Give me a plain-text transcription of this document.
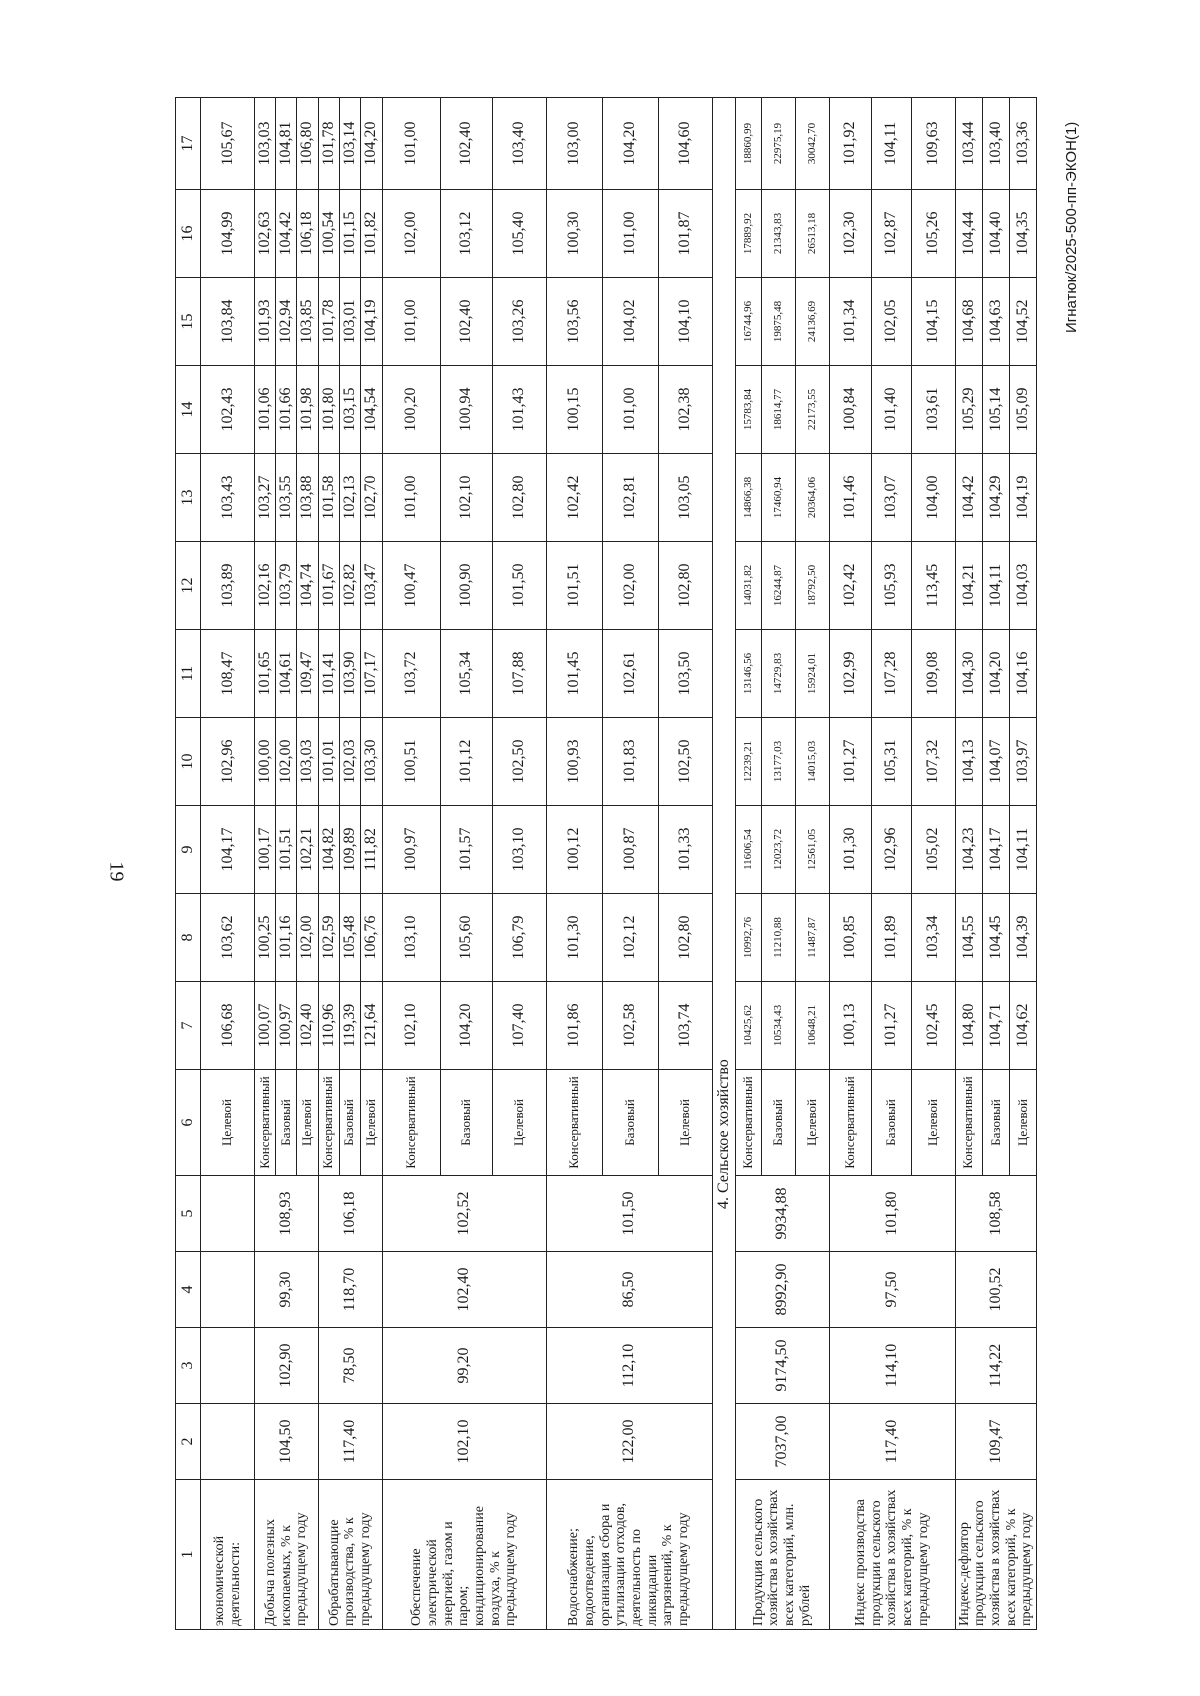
19
Игнатюк/2025-500-пп-ЭКОН(1)
1	2	3	4	5	6	7	8	9	10	11	12	13	14	15	16	17
экономической деятельности:					Целевой	106,68	103,62	104,17	102,96	108,47	103,89	103,43	102,43	103,84	104,99	105,67
Добыча полезных ископаемых, % к предыдущему году	104,50	102,90	99,30	108,93	Консервативный	100,07	100,25	100,17	100,00	101,65	102,16	103,27	101,06	101,93	102,63	103,03
					Базовый	100,97	101,16	101,51	102,00	104,61	103,79	103,55	101,66	102,94	104,42	104,81
					Целевой	102,40	102,00	102,21	103,03	109,47	104,74	103,88	101,98	103,85	106,18	106,80
Обрабатывающие производства, % к предыдущему году	117,40	78,50	118,70	106,18	Консервативный	110,96	102,59	104,82	101,01	101,41	101,67	101,58	101,80	101,78	100,54	101,78
					Базовый	119,39	105,48	109,89	102,03	103,90	102,82	102,13	103,15	103,01	101,15	103,14
					Целевой	121,64	106,76	111,82	103,30	107,17	103,47	102,70	104,54	104,19	101,82	104,20
Обеспечение электрической энергией, газом и паром; кондиционирование воздуха, % к предыдущему году	102,10	99,20	102,40	102,52	Консервативный	102,10	103,10	100,97	100,51	103,72	100,47	101,00	100,20	101,00	102,00	101,00
					Базовый	104,20	105,60	101,57	101,12	105,34	100,90	102,10	100,94	102,40	103,12	102,40
					Целевой	107,40	106,79	103,10	102,50	107,88	101,50	102,80	101,43	103,26	105,40	103,40
Водоснабжение; водоотведение, организация сбора и утилизации отходов, деятельность по ликвидации загрязнений, % к предыдущему году	122,00	112,10	86,50	101,50	Консервативный	101,86	101,30	100,12	100,93	101,45	101,51	102,42	100,15	103,56	100,30	103,00
					Базовый	102,58	102,12	100,87	101,83	102,61	102,00	102,81	101,00	104,02	101,00	104,20
					Целевой	103,74	102,80	101,33	102,50	103,50	102,80	103,05	102,38	104,10	101,87	104,60
4. Сельское хозяйство																
Продукция сельского хозяйства в хозяйствах всех категорий, млн. рублей	7037,00	9174,50	8992,90	9934,88	Консервативный	10425,62	10992,76	11606,54	12239,21	13146,56	14031,82	14866,38	15783,84	16744,96	17889,92	18860,99
					Базовый	10534,43	11210,88	12023,72	13177,03	14729,83	16244,87	17460,94	18614,77	19875,48	21343,83	22975,19
					Целевой	10648,21	11487,87	12561,05	14015,03	15924,01	18792,50	20364,06	22173,55	24136,69	26513,18	30042,70
Индекс производства продукции сельского хозяйства в хозяйствах всех категорий, % к предыдущему году	117,40	114,10	97,50	101,80	Консервативный	100,13	100,85	101,30	101,27	102,99	102,42	101,46	100,84	101,34	102,30	101,92
					Базовый	101,27	101,89	102,96	105,31	107,28	105,93	103,07	101,40	102,05	102,87	104,11
					Целевой	102,45	103,34	105,02	107,32	109,08	113,45	104,00	103,61	104,15	105,26	109,63
Индекс-дефлятор продукции сельского хозяйства в хозяйствах всех категорий, % к предыдущему году	109,47	114,22	100,52	108,58	Консервативный	104,80	104,55	104,23	104,13	104,30	104,21	104,42	105,29	104,68	104,44	103,44
					Базовый	104,71	104,45	104,17	104,07	104,20	104,11	104,29	105,14	104,63	104,40	103,40
					Целевой	104,62	104,39	104,11	103,97	104,16	104,03	104,19	105,09	104,52	104,35	103,36
